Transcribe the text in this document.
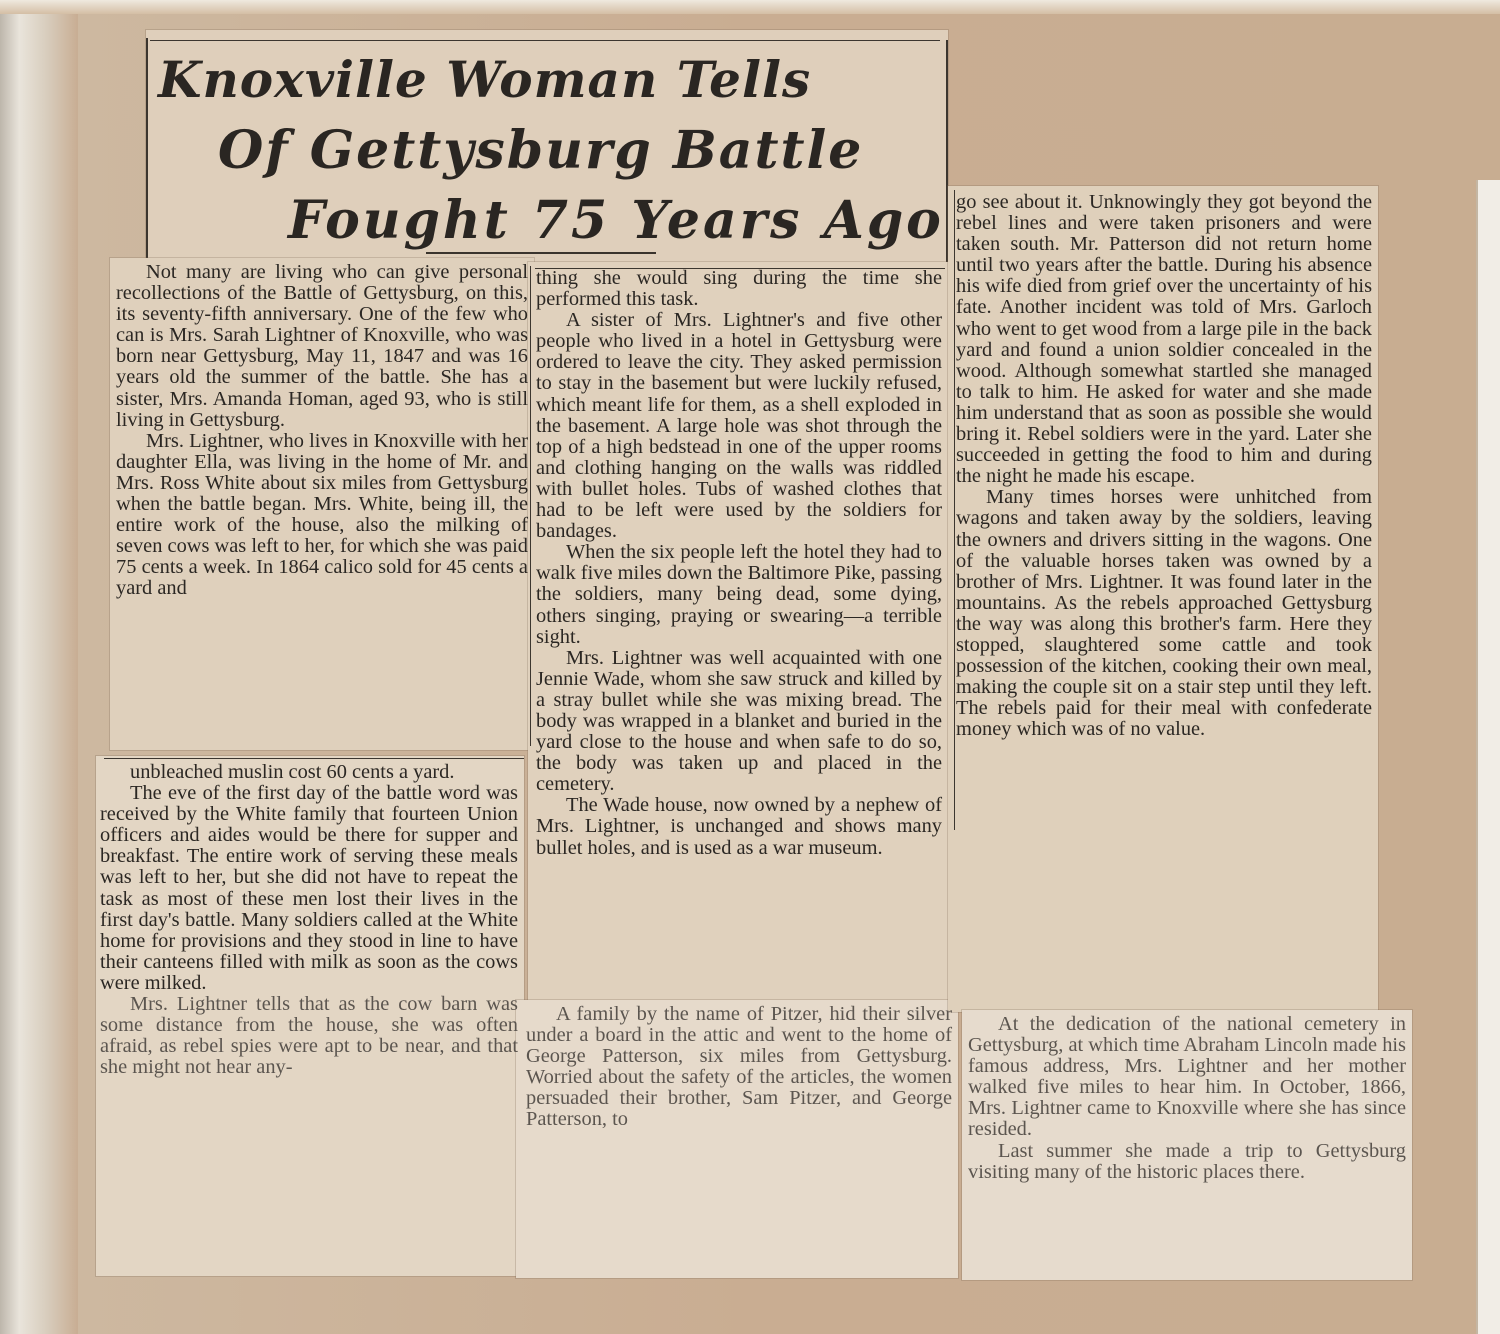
Knoxville Woman Tells
Of Gettysburg Battle
Fought 75 Years Ago

Not many are living who can give personal recollections of the Battle of Gettysburg, on this, its seventy-fifth anniversary. One of the few who can is Mrs. Sarah Lightner of Knoxville, who was born near Gettysburg, May 11, 1847 and was 16 years old the summer of the battle. She has a sister, Mrs. Amanda Homan, aged 93, who is still living in Gettysburg.

Mrs. Lightner, who lives in Knoxville with her daughter Ella, was living in the home of Mr. and Mrs. Ross White about six miles from Gettysburg when the battle began. Mrs. White, being ill, the entire work of the house, also the milking of seven cows was left to her, for which she was paid 75 cents a week. In 1864 calico sold for 45 cents a yard and

unbleached muslin cost 60 cents a yard.

The eve of the first day of the battle word was received by the White family that fourteen Union officers and aides would be there for supper and breakfast. The entire work of serving these meals was left to her, but she did not have to repeat the task as most of these men lost their lives in the first day's battle. Many soldiers called at the White home for provisions and they stood in line to have their canteens filled with milk as soon as the cows were milked.

Mrs. Lightner tells that as the cow barn was some distance from the house, she was often afraid, as rebel spies were apt to be near, and that she might not hear any-

thing she would sing during the time she performed this task.

A sister of Mrs. Lightner's and five other people who lived in a hotel in Gettysburg were ordered to leave the city. They asked permission to stay in the basement but were luckily refused, which meant life for them, as a shell exploded in the basement. A large hole was shot through the top of a high bedstead in one of the upper rooms and clothing hanging on the walls was riddled with bullet holes. Tubs of washed clothes that had to be left were used by the soldiers for bandages.

When the six people left the hotel they had to walk five miles down the Baltimore Pike, passing the soldiers, many being dead, some dying, others singing, praying or swearing—a terrible sight.

Mrs. Lightner was well acquainted with one Jennie Wade, whom she saw struck and killed by a stray bullet while she was mixing bread. The body was wrapped in a blanket and buried in the yard close to the house and when safe to do so, the body was taken up and placed in the cemetery.

The Wade house, now owned by a nephew of Mrs. Lightner, is unchanged and shows many bullet holes, and is used as a war museum.

A family by the name of Pitzer, hid their silver under a board in the attic and went to the home of George Patterson, six miles from Gettysburg. Worried about the safety of the articles, the women persuaded their brother, Sam Pitzer, and George Patterson, to

go see about it. Unknowingly they got beyond the rebel lines and were taken prisoners and were taken south. Mr. Patterson did not return home until two years after the battle. During his absence his wife died from grief over the uncertainty of his fate. Another incident was told of Mrs. Garloch who went to get wood from a large pile in the back yard and found a union soldier concealed in the wood. Although somewhat startled she managed to talk to him. He asked for water and she made him understand that as soon as possible she would bring it. Rebel soldiers were in the yard. Later she succeeded in getting the food to him and during the night he made his escape.

Many times horses were unhitched from wagons and taken away by the soldiers, leaving the owners and drivers sitting in the wagons. One of the valuable horses taken was owned by a brother of Mrs. Lightner. It was found later in the mountains. As the rebels approached Gettysburg the way was along this brother's farm. Here they stopped, slaughtered some cattle and took possession of the kitchen, cooking their own meal, making the couple sit on a stair step until they left. The rebels paid for their meal with confederate money which was of no value.

At the dedication of the national cemetery in Gettysburg, at which time Abraham Lincoln made his famous address, Mrs. Lightner and her mother walked five miles to hear him. In October, 1866, Mrs. Lightner came to Knoxville where she has since resided.

Last summer she made a trip to Gettysburg visiting many of the historic places there.
